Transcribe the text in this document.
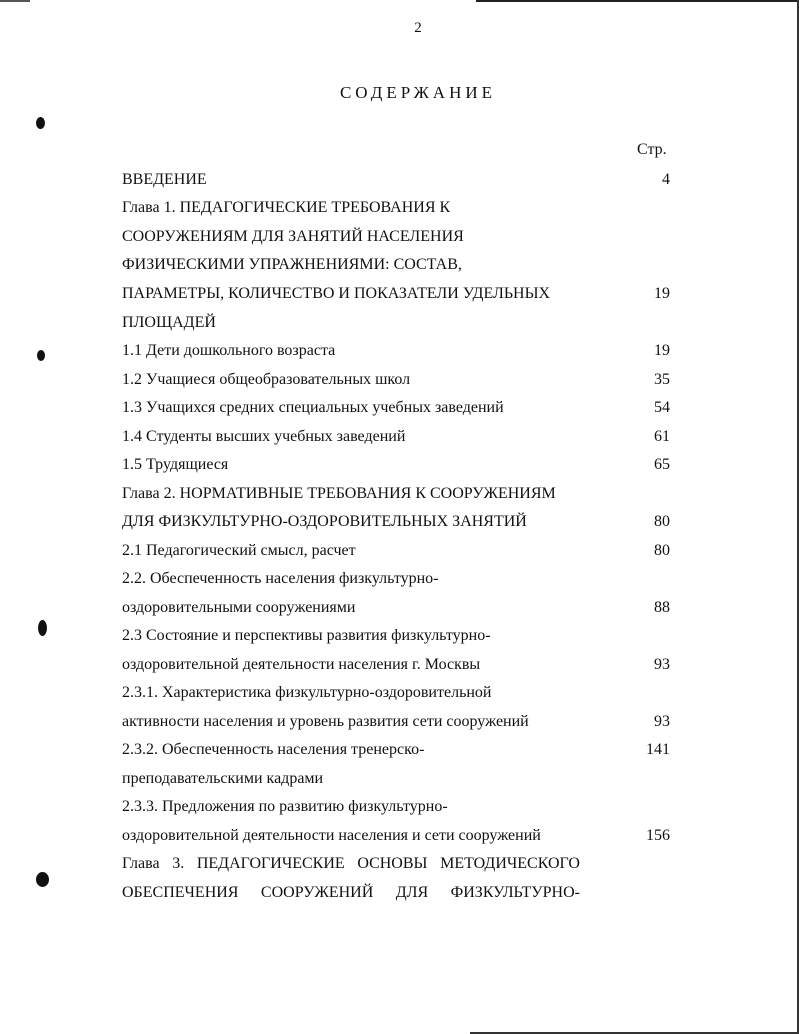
2
СОДЕРЖАНИЕ
Стр.
ВВЕДЕНИЕ	4
Глава 1. ПЕДАГОГИЧЕСКИЕ ТРЕБОВАНИЯ К
СООРУЖЕНИЯМ ДЛЯ ЗАНЯТИЙ НАСЕЛЕНИЯ
ФИЗИЧЕСКИМИ УПРАЖНЕНИЯМИ: СОСТАВ,
ПАРАМЕТРЫ, КОЛИЧЕСТВО И ПОКАЗАТЕЛИ УДЕЛЬНЫХ	19
ПЛОЩАДЕЙ
1.1 Дети дошкольного возраста	19
1.2 Учащиеся общеобразовательных школ	35
1.3 Учащихся средних специальных учебных заведений	54
1.4 Студенты высших учебных заведений	61
1.5 Трудящиеся	65
Глава 2. НОРМАТИВНЫЕ ТРЕБОВАНИЯ К СООРУЖЕНИЯМ
ДЛЯ ФИЗКУЛЬТУРНО-ОЗДОРОВИТЕЛЬНЫХ ЗАНЯТИЙ	80
2.1 Педагогический смысл, расчет	80
2.2. Обеспеченность населения физкультурно-
оздоровительными сооружениями	88
2.3 Состояние и перспективы развития физкультурно-
оздоровительной деятельности населения г. Москвы	93
2.3.1. Характеристика физкультурно-оздоровительной
активности населения и уровень развития сети сооружений	93
2.3.2. Обеспеченность населения тренерско-	141
преподавательскими кадрами
2.3.3. Предложения по развитию физкультурно-
оздоровительной деятельности населения и сети сооружений	156
Глава 3. ПЕДАГОГИЧЕСКИЕ ОСНОВЫ МЕТОДИЧЕСКОГО
ОБЕСПЕЧЕНИЯ СООРУЖЕНИЙ ДЛЯ ФИЗКУЛЬТУРНО-
